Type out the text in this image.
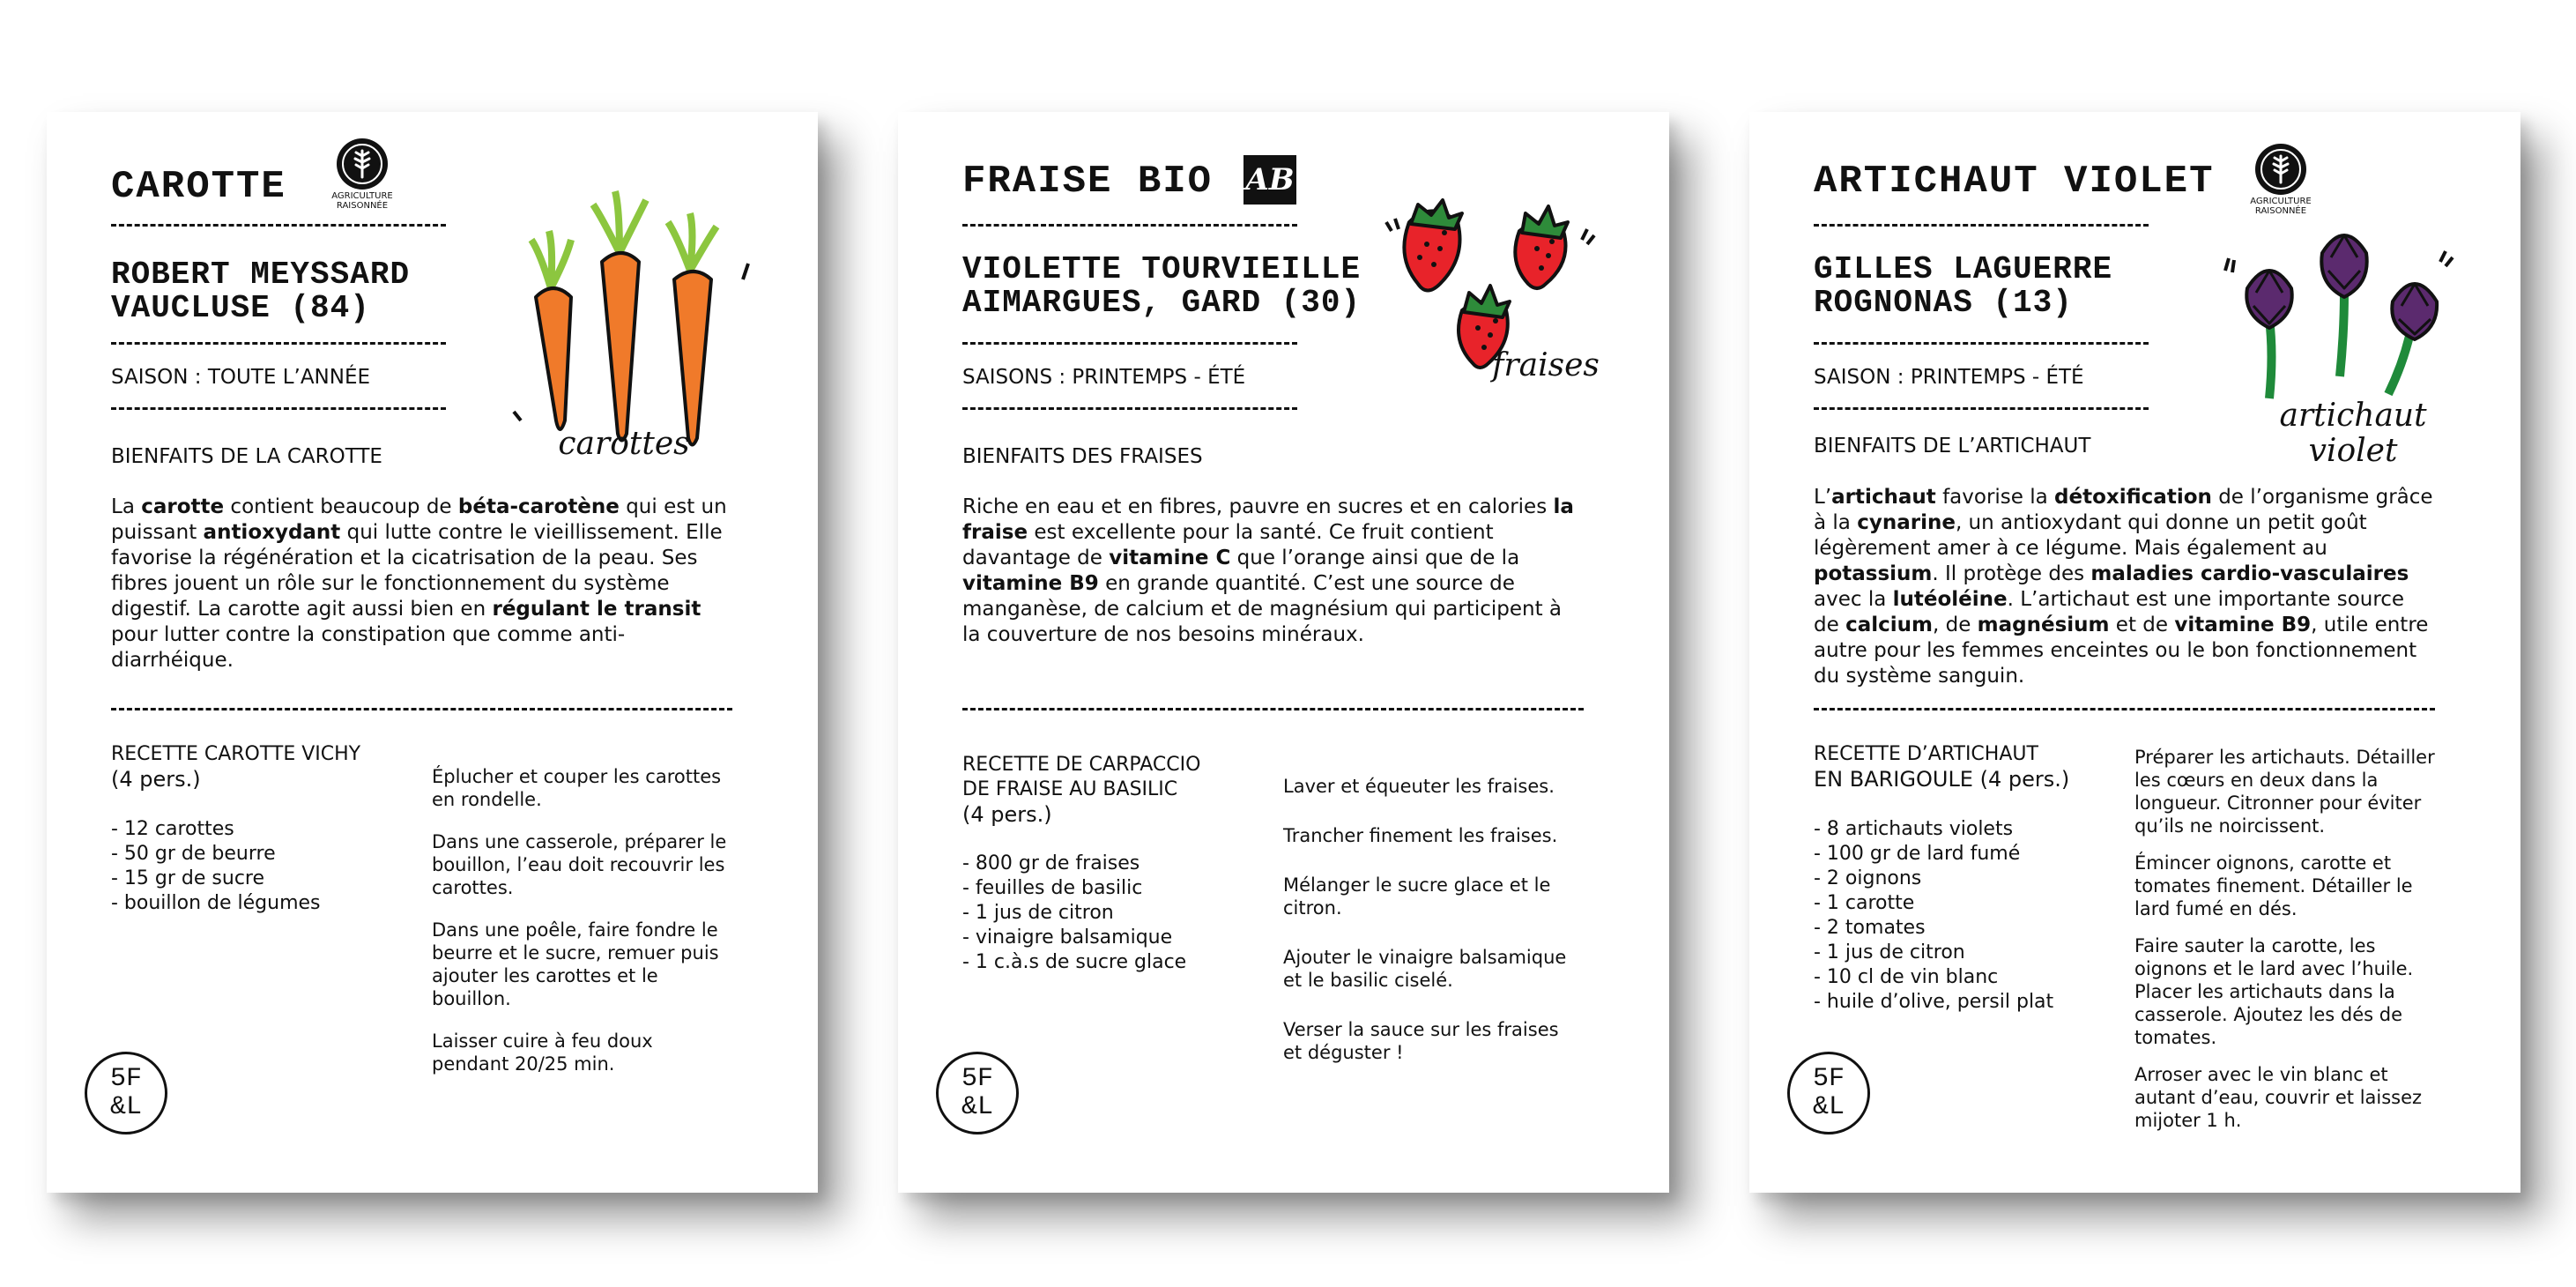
CAROTTE	AGRICULTURE RAISONNÉE
ROBERT MEYSSARD
VAUCLUSE (84)
SAISON : TOUTE L’ANNÉE
BIENFAITS DE LA CAROTTE	carottes
La carotte contient beaucoup de béta-carotène qui est un puissant antioxydant qui lutte contre le vieillissement. Elle favorise la régénération et la cicatrisation de la peau. Ses fibres jouent un rôle sur le fonctionnement du système digestif. La carotte agit aussi bien en régulant le transit pour lutter contre la constipation que comme anti-diarrhéique.
RECETTE CAROTTE VICHY
(4 pers.)
- 12 carottes
- 50 gr de beurre
- 15 gr de sucre
- bouillon de légumes

Éplucher et couper les carottes en rondelle.

Dans une casserole, préparer le bouillon, l’eau doit recouvrir les carottes.

Dans une poêle, faire fondre le beurre et le sucre, remuer puis ajouter les carottes et le bouillon.

Laisser cuire à feu doux pendant 20/25 min.

5F
&L
FRAISE BIO AB
VIOLETTE TOURVIEILLE
AIMARGUES, GARD (30)
SAISONS : PRINTEMPS - ÉTÉ
BIENFAITS DES FRAISES
fraises
Riche en eau et en fibres, pauvre en sucres et en calories la fraise est excellente pour la santé. Ce fruit contient davantage de vitamine C que l’orange ainsi que de la vitamine B9 en grande quantité. C’est une source de manganèse, de calcium et de magnésium qui participent à la couverture de nos besoins minéraux.
RECETTE DE CARPACCIO
DE FRAISE AU BASILIC
(4 pers.)
- 800 gr de fraises
- feuilles de basilic
- 1 jus de citron
- vinaigre balsamique
- 1 c.à.s de sucre glace

Laver et équeuter les fraises.

Trancher finement les fraises.

Mélanger le sucre glace et le citron.

Ajouter le vinaigre balsamique et le basilic ciselé.

Verser la sauce sur les fraises et déguster !

5F
&L
ARTICHAUT VIOLET	AGRICULTURE RAISONNÉE
GILLES LAGUERRE
ROGNONAS (13)
SAISON : PRINTEMPS - ÉTÉ
BIENFAITS DE L’ARTICHAUT
artichaut
violet
L’artichaut favorise la détoxification de l’organisme grâce à la cynarine, un antioxydant qui donne un petit goût légèrement amer à ce légume. Mais également au potassium. Il protège des maladies cardio-vasculaires avec la lutéoléine. L’artichaut est une importante source de calcium, de magnésium et de vitamine B9, utile entre autre pour les femmes enceintes ou le bon fonctionnement du système sanguin.
RECETTE D’ARTICHAUT
EN BARIGOULE (4 pers.)
- 8 artichauts violets
- 100 gr de lard fumé
- 2 oignons
- 1 carotte
- 2 tomates
- 1 jus de citron
- 10 cl de vin blanc
- huile d’olive, persil plat

Préparer les artichauts. Détailler les cœurs en deux dans la longueur. Citronner pour éviter qu’ils ne noircissent.

Émincer oignons, carotte et tomates finement. Détailler le lard fumé en dés.

Faire sauter la carotte, les oignons et le lard avec l’huile. Placer les artichauts dans la casserole. Ajoutez les dés de tomates.

Arroser avec le vin blanc et autant d’eau, couvrir et laissez mijoter 1 h.

5F
&L
